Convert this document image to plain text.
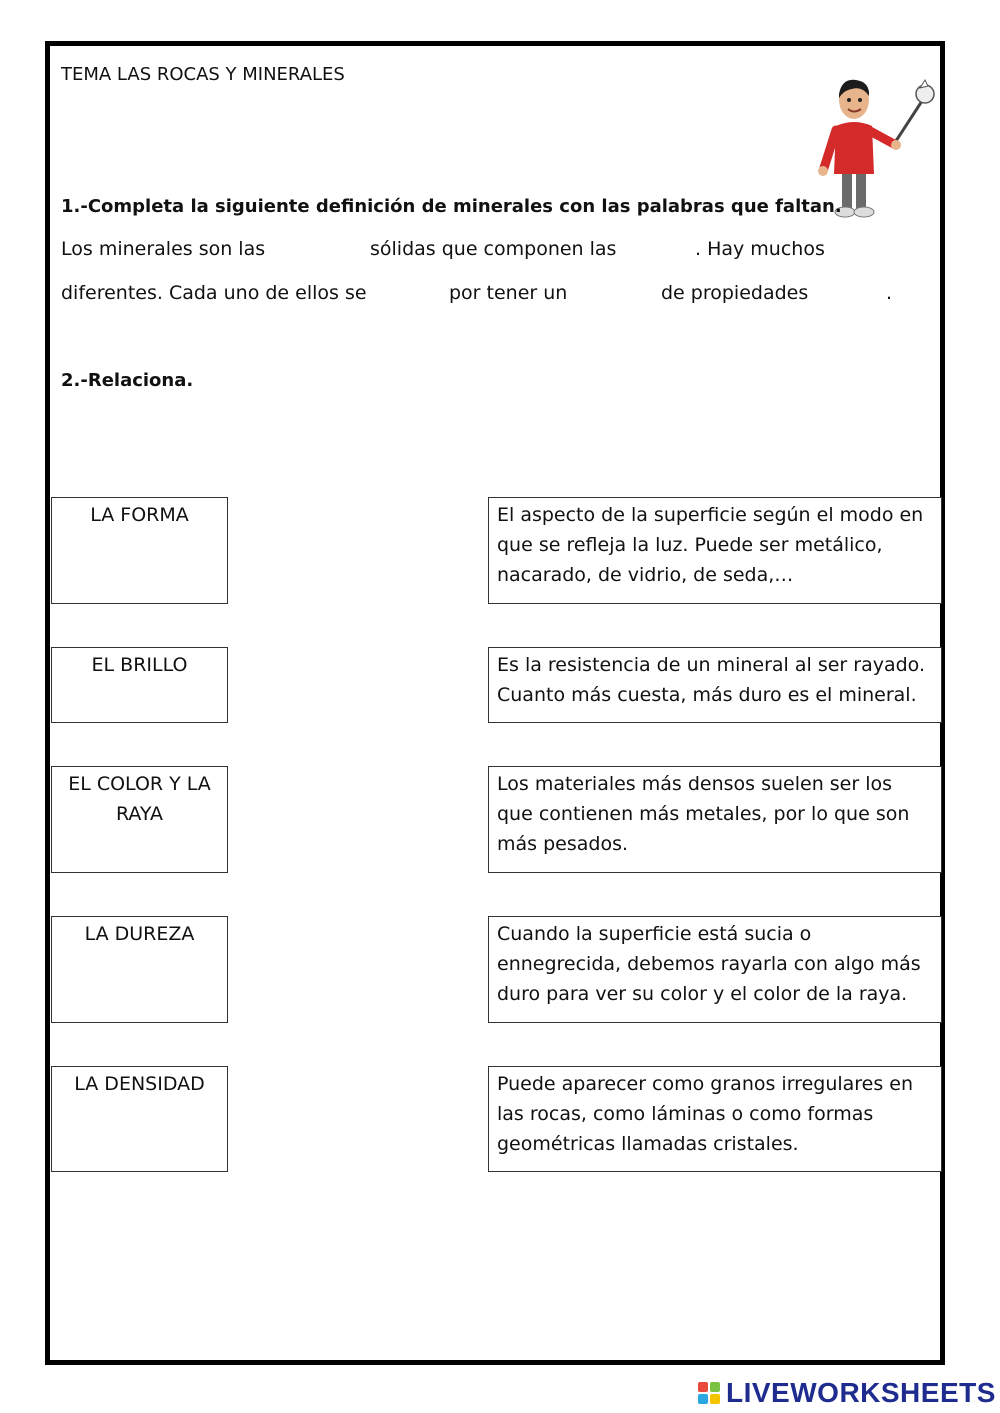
TEMA LAS ROCAS Y MINERALES
1.-Completa la siguiente definición de minerales con las palabras que faltan.
Los minerales son las	sólidas que componen las	. Hay muchos
diferentes. Cada uno de ellos se	por tener un	de propiedades	.
2.-Relaciona.
LA FORMA
EL BRILLO
EL COLOR Y LA RAYA
LA DUREZA
LA DENSIDAD
El aspecto de la superficie según el modo en que se refleja la luz. Puede ser metálico, nacarado, de vidrio, de seda,…
Es la resistencia de un mineral al ser rayado. Cuanto más cuesta, más duro es el mineral.
Los materiales más densos suelen ser los que contienen más metales, por lo que son más pesados.
Cuando la superficie está sucia o ennegrecida, debemos rayarla con algo más duro para ver su color y el color de la raya.
Puede aparecer como granos irregulares en las rocas, como láminas o como formas geométricas llamadas cristales.
LIVEWORKSHEETS
